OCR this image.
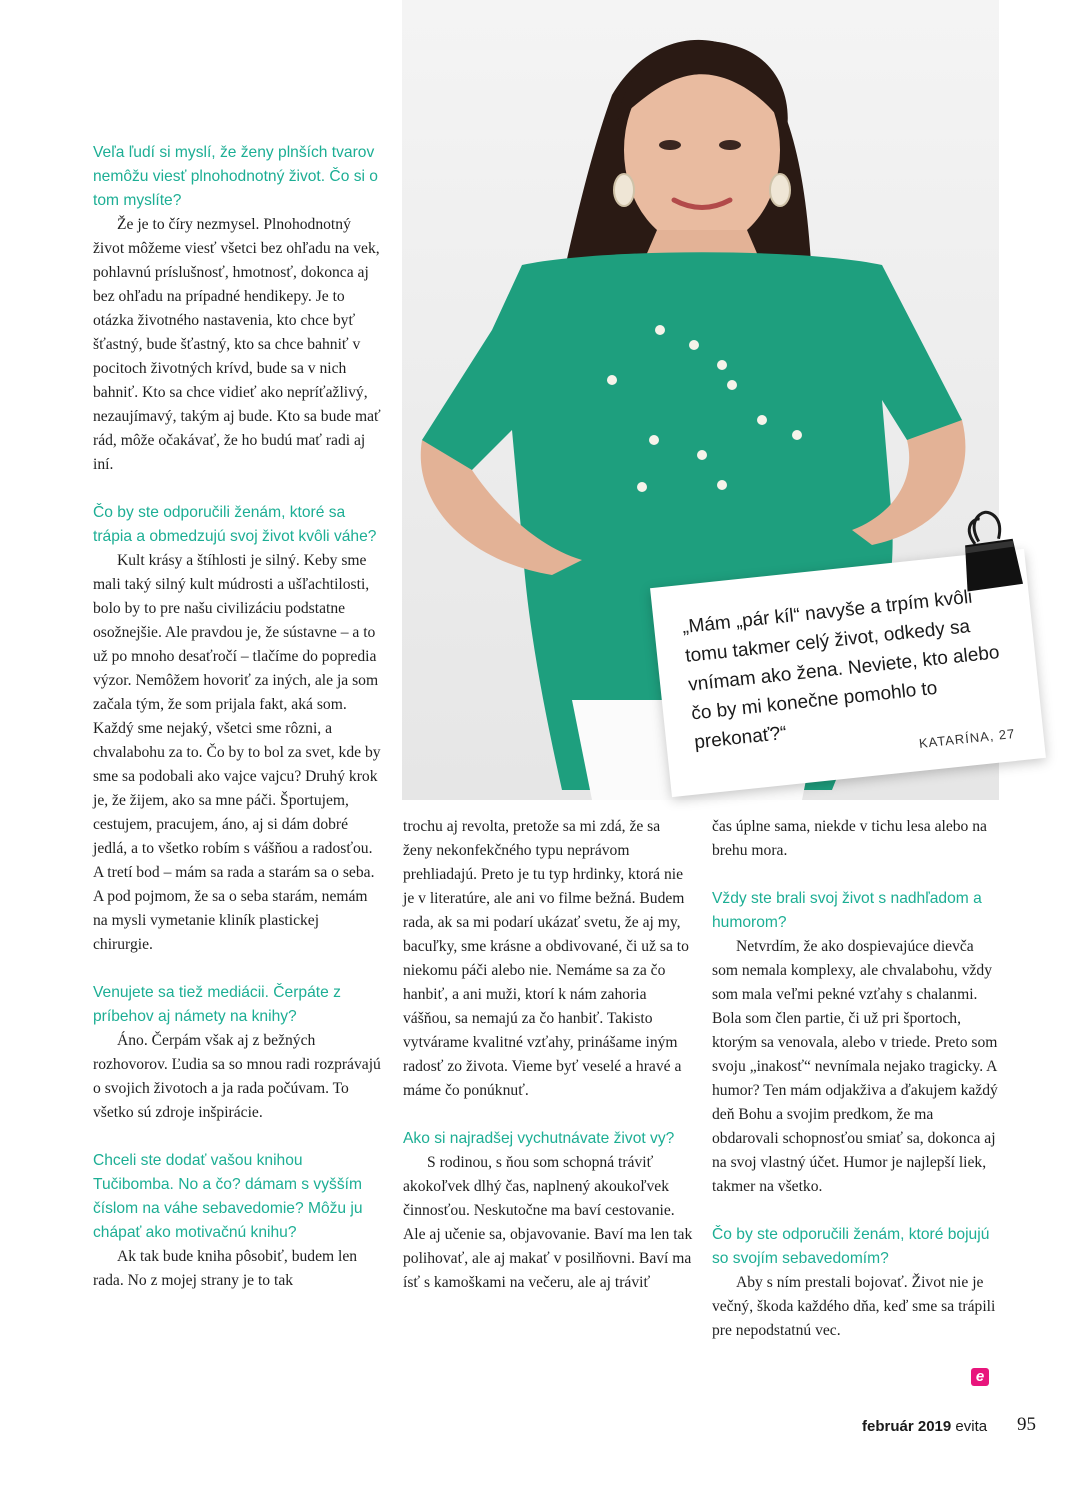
Veľa ľudí si myslí, že ženy plnších tvarov nemôžu viesť plnohodnotný život. Čo si o tom myslíte?

Že je to číry nezmysel. Plnohodnotný život môžeme viesť všetci bez ohľadu na vek, pohlavnú príslušnosť, hmotnosť, dokonca aj bez ohľadu na prípadné hendikepy. Je to otázka životného nastavenia, kto chce byť šťastný, bude šťastný, kto sa chce bahniť v pocitoch životných krívd, bude sa v nich bahniť. Kto sa chce vidieť ako nepríťažlivý, nezaujímavý, takým aj bude. Kto sa bude mať rád, môže očakávať, že ho budú mať radi aj iní.

Čo by ste odporučili ženám, ktoré sa trápia a obmedzujú svoj život kvôli váhe?

Kult krásy a štíhlosti je silný. Keby sme mali taký silný kult múdrosti a ušľachtilosti, bolo by to pre našu civilizáciu podstatne osožnejšie. Ale pravdou je, že sústavne – a to už po mnoho desaťročí – tlačíme do popredia výzor. Nemôžem hovoriť za iných, ale ja som začala tým, že som prijala fakt, aká som. Každý sme nejaký, všetci sme rôzni, a chvalabohu za to. Čo by to bol za svet, kde by sme sa podobali ako vajce vajcu? Druhý krok je, že žijem, ako sa mne páči. Športujem, cestujem, pracujem, áno, aj si dám dobré jedlá, a to všetko robím s vášňou a radosťou. A tretí bod – mám sa rada a starám sa o seba. A pod pojmom, že sa o seba starám, nemám na mysli vymetanie kliník plastickej chirurgie.

Venujete sa tiež mediácii. Čerpáte z príbehov aj námety na knihy?

Áno. Čerpám však aj z bežných rozhovorov. Ľudia sa so mnou radi rozprávajú o svojich životoch a ja rada počúvam. To všetko sú zdroje inšpirácie.

Chceli ste dodať vašou knihou Tučibomba. No a čo? dámam s vyšším číslom na váhe sebavedomie? Môžu ju chápať ako motivačnú knihu?

Ak tak bude kniha pôsobiť, budem len rada. No z mojej strany je to tak

trochu aj revolta, pretože sa mi zdá, že sa ženy nekonfekčného typu neprávom prehliadajú. Preto je tu typ hrdinky, ktorá nie je v literatúre, ale ani vo filme bežná. Budem rada, ak sa mi podarí ukázať svetu, že aj my, bacuľky, sme krásne a obdivované, či už sa to niekomu páči alebo nie. Nemáme sa za čo hanbiť, a ani muži, ktorí k nám zahoria vášňou, sa nemajú za čo hanbiť. Takisto vytvárame kvalitné vzťahy, prinášame iným radosť zo života. Vieme byť veselé a hravé a máme čo ponúknuť.

Ako si najradšej vychutnávate život vy?

S rodinou, s ňou som schopná tráviť akokoľvek dlhý čas, naplnený akoukoľvek činnosťou. Neskutočne ma baví cestovanie. Ale aj učenie sa, objavovanie. Baví ma len tak polihovať, ale aj makať v posilňovni. Baví ma ísť s kamoškami na večeru, ale aj tráviť

čas úplne sama, niekde v tichu lesa alebo na brehu mora.

Vždy ste brali svoj život s nadhľadom a humorom?

Netvrdím, že ako dospievajúce dievča som nemala komplexy, ale chvalabohu, vždy som mala veľmi pekné vzťahy s chalanmi. Bola som člen partie, či už pri športoch, ktorým sa venovala, alebo v triede. Preto som svoju „inakosť“ nevnímala nejako tragicky. A humor? Ten mám odjakživa a ďakujem každý deň Bohu a svojim predkom, že ma obdarovali schopnosťou smiať sa, dokonca aj na svoj vlastný účet. Humor je najlepší liek, takmer na všetko.

Čo by ste odporučili ženám, ktoré bojujú so svojím sebavedomím?

Aby s ním prestali bojovať. Život nie je večný, škoda každého dňa, keď sme sa trápili pre nepodstatnú vec.

„Mám „pár kíl“ navyše a trpím kvôli tomu takmer celý život, odkedy sa vnímam ako žena. Neviete, kto alebo čo by mi konečne pomohlo to prekonať?“	KATARÍNA, 27
e
február 2019 evita 95
